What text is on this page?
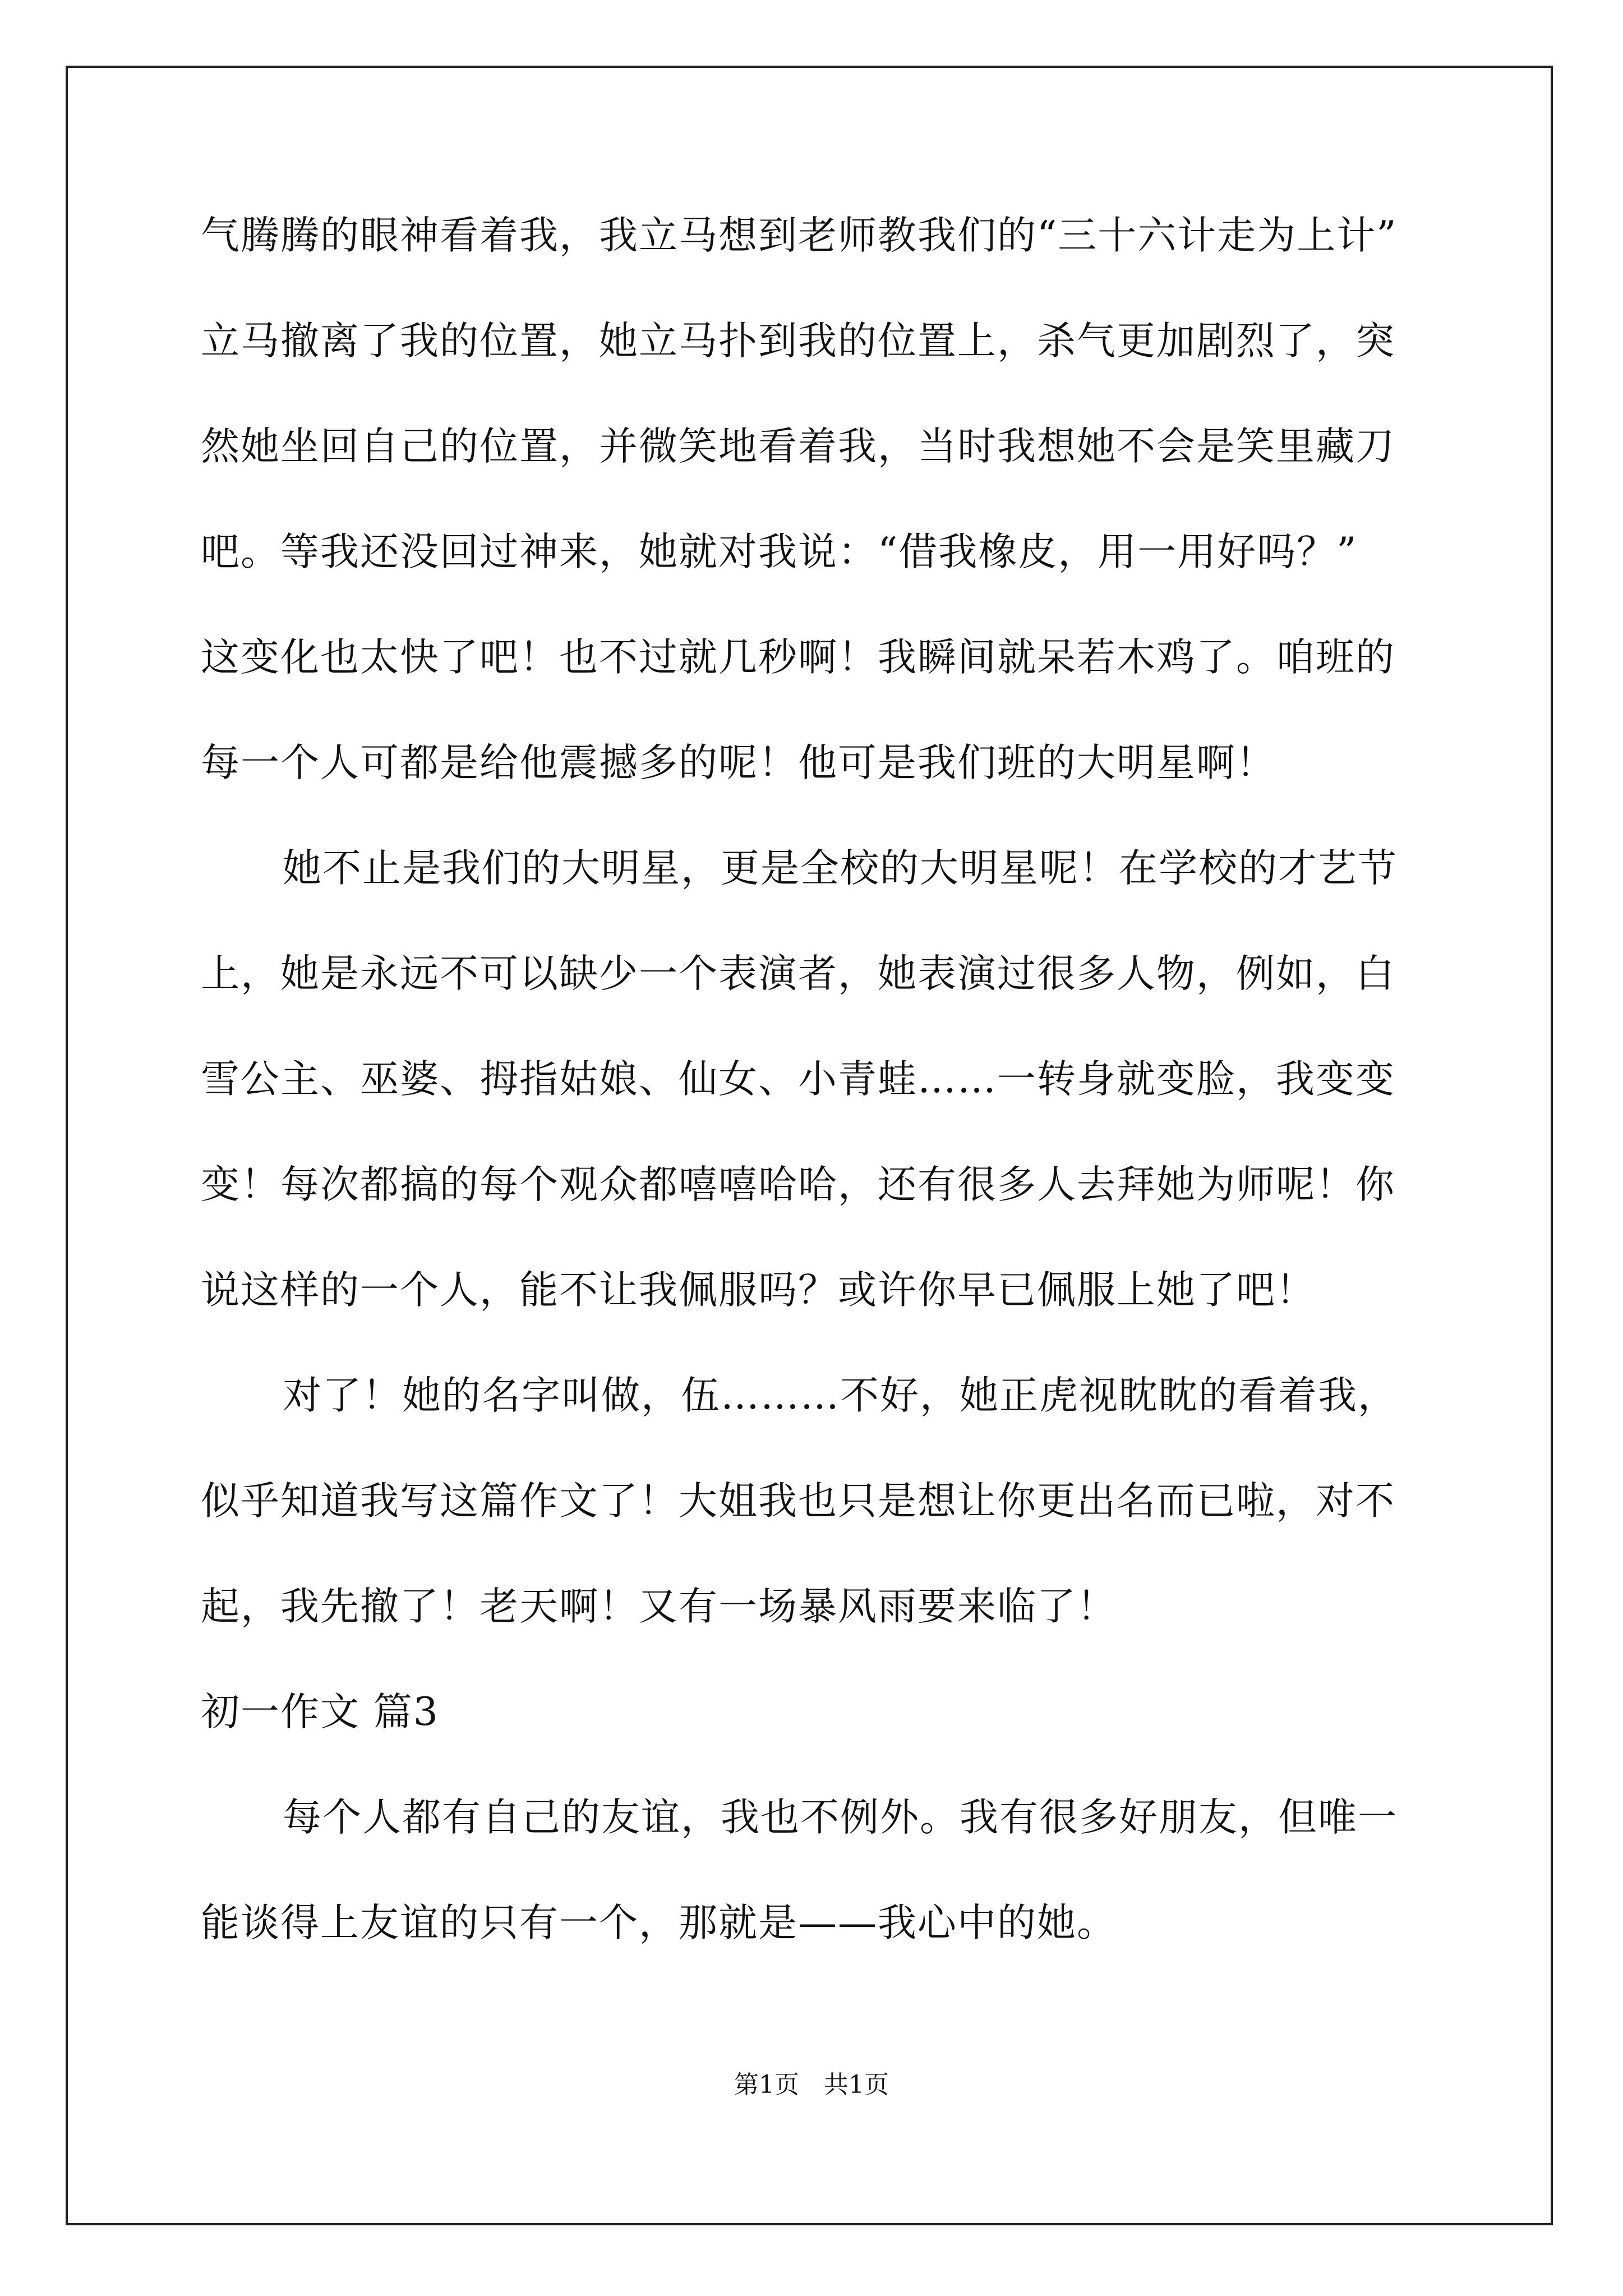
气腾腾的眼神看着我，我立马想到老师教我们的“三十六计走为上计”
立马撤离了我的位置，她立马扑到我的位置上，杀气更加剧烈了，突
然她坐回自己的位置，并微笑地看着我，当时我想她不会是笑里藏刀
吧。等我还没回过神来，她就对我说：“借我橡皮，用一用好吗？”
这变化也太快了吧！也不过就几秒啊！我瞬间就呆若木鸡了。咱班的
每一个人可都是给他震撼多的呢！他可是我们班的大明星啊！
她不止是我们的大明星，更是全校的大明星呢！在学校的才艺节
上，她是永远不可以缺少一个表演者，她表演过很多人物，例如，白
雪公主、巫婆、拇指姑娘、仙女、小青蛙……一转身就变脸，我变变
变！每次都搞的每个观众都嘻嘻哈哈，还有很多人去拜她为师呢！你
说这样的一个人，能不让我佩服吗？或许你早已佩服上她了吧！
对了！她的名字叫做，伍………不好，她正虎视眈眈的看着我，
似乎知道我写这篇作文了！大姐我也只是想让你更出名而已啦，对不
起，我先撤了！老天啊！又有一场暴风雨要来临了！
初一作文 篇3
每个人都有自己的友谊，我也不例外。我有很多好朋友，但唯一
能谈得上友谊的只有一个，那就是——我心中的她。
第1页　共1页
